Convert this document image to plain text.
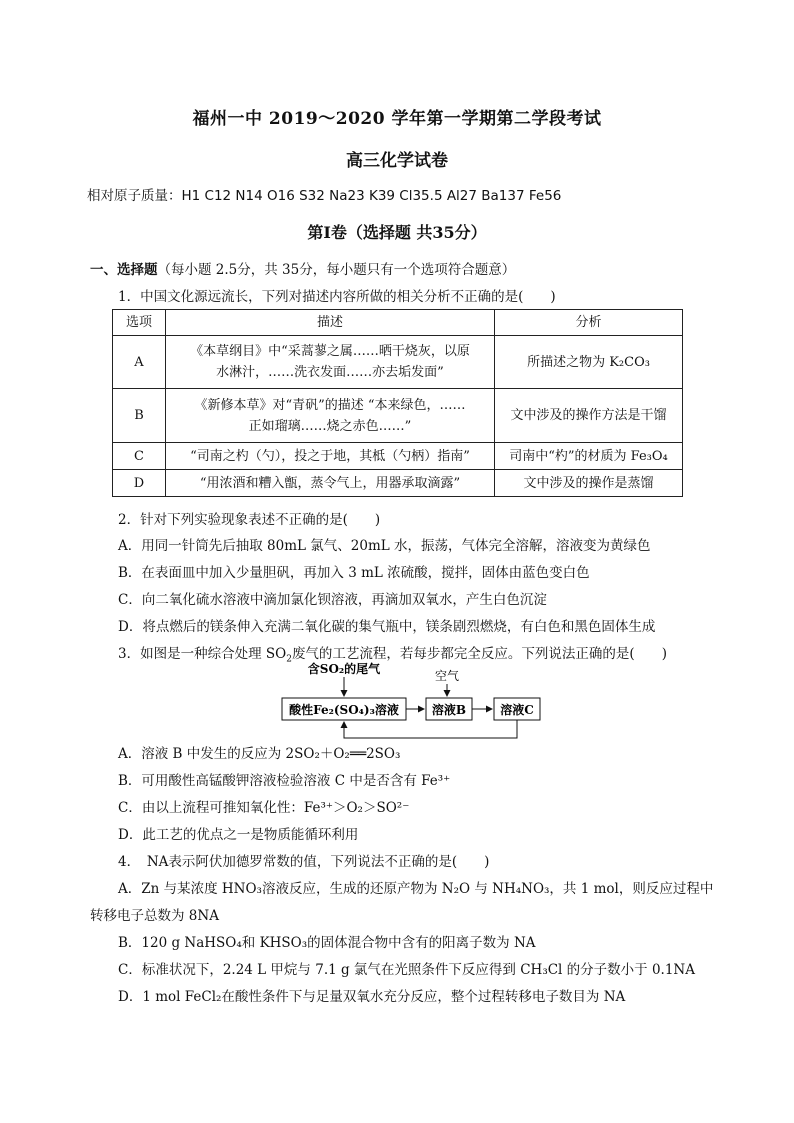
福州一中 2019～2020 学年第一学期第二学段考试
高三化学试卷
相对原子质量：H1 C12 N14 O16 S32 Na23 K39 Cl35.5 Al27 Ba137 Fe56
第Ⅰ卷（选择题 共35分）
一、选择题（每小题 2.5分，共 35分，每小题只有一个选项符合题意）
1．中国文化源远流长，下列对描述内容所做的相关分析不正确的是(　　)
选项	描述	分析
A	《本草纲目》中“采蒿蓼之属……晒干烧灰，以原
水淋汁，……洗衣发面……亦去垢发面”	所描述之物为 K₂CO₃
B	《新修本草》对“青矾”的描述 “本来绿色，……
正如瑠璃……烧之赤色……”	文中涉及的操作方法是干馏
C	“司南之杓（勺），投之于地，其柢（勺柄）指南”	司南中“杓”的材质为 Fe₃O₄
D	“用浓酒和糟入甑，蒸令气上，用器承取滴露”	文中涉及的操作是蒸馏
2．针对下列实验现象表述不正确的是(　　)
A．用同一针筒先后抽取 80mL 氯气、20mL 水，振荡，气体完全溶解，溶液变为黄绿色
B．在表面皿中加入少量胆矾，再加入 3 mL 浓硫酸，搅拌，固体由蓝色变白色
C．向二氧化硫水溶液中滴加氯化钡溶液，再滴加双氧水，产生白色沉淀
D．将点燃后的镁条伸入充满二氧化碳的集气瓶中，镁条剧烈燃烧，有白色和黑色固体生成
3．如图是一种综合处理 $SO_2$废气的工艺流程，若每步都完全反应。下列说法正确的是(　　)
含SO₂的尾气	空气
酸性Fe₂(SO₄)₃溶液	溶液B	溶液C
A．溶液 B 中发生的反应为 2SO₂＋O₂══2SO₃
B．可用酸性高锰酸钾溶液检验溶液 C 中是否含有 Fe³⁺
C．由以上流程可推知氧化性：Fe³⁺＞O₂＞SO²⁻
D．此工艺的优点之一是物质能循环利用
4．　NA表示阿伏加德罗常数的值，下列说法不正确的是(　　)
A．Zn 与某浓度 HNO₃溶液反应，生成的还原产物为 N₂O 与 NH₄NO₃，共 1 mol，则反应过程中
转移电子总数为 8NA
B．120 g NaHSO₄和 KHSO₃的固体混合物中含有的阳离子数为 NA
C．标准状况下，2.24 L 甲烷与 7.1 g 氯气在光照条件下反应得到 CH₃Cl 的分子数小于 0.1NA
D．1 mol FeCl₂在酸性条件下与足量双氧水充分反应，整个过程转移电子数目为 NA
